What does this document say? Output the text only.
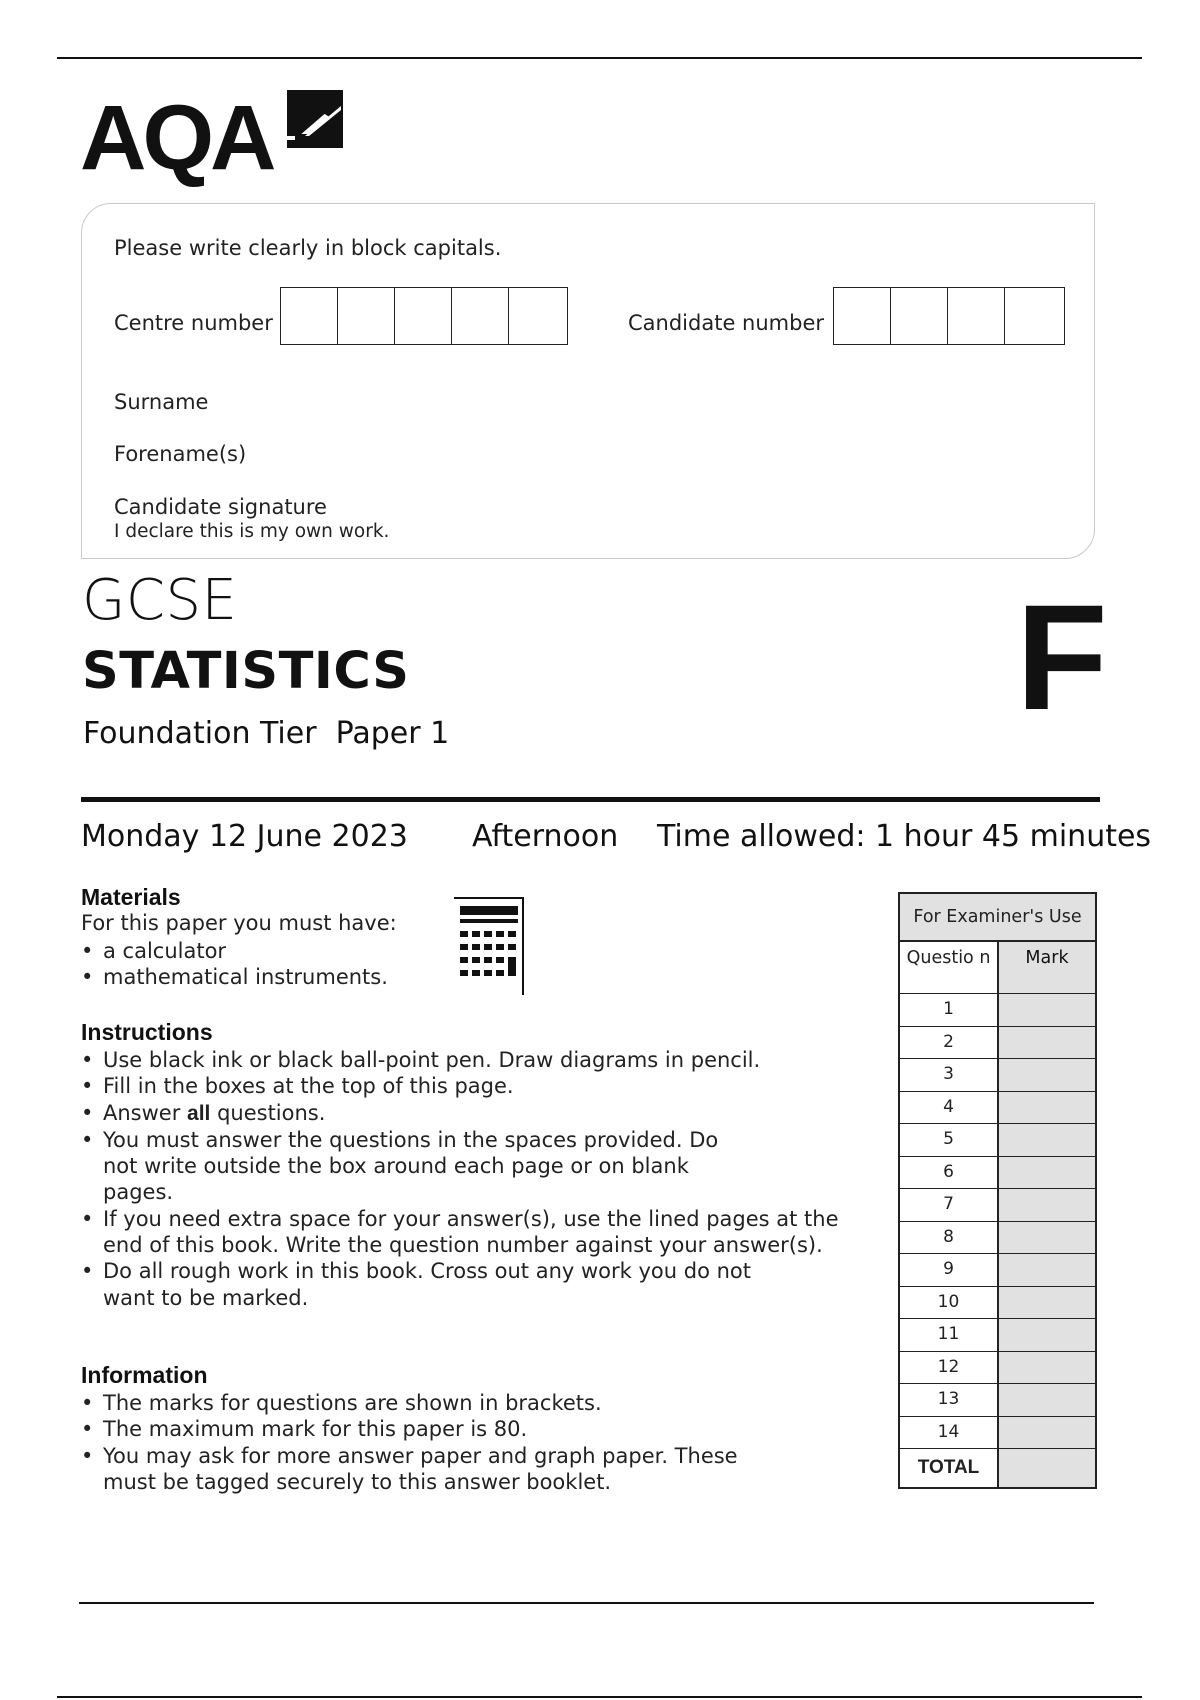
AQA
Please write clearly in block capitals.
Centre number	Candidate number
Surname
Forename(s)
Candidate signature
I declare this is my own work.
GCSE
STATISTICS
Foundation Tier  Paper 1	F
Monday 12 June 2023 Afternoon Time allowed: 1 hour 45 minutes
Materials
For this paper you must have:
• a calculator
• mathematical instruments.
Instructions
• Use black ink or black ball-point pen. Draw diagrams in pencil.
• Fill in the boxes at the top of this page.
• Answer all questions.
• You must answer the questions in the spaces provided. Do not write outside the box around each page or on blank pages.
• If you need extra space for your answer(s), use the lined pages at the end of this book. Write the question number against your answer(s).
• Do all rough work in this book. Cross out any work you do not want to be marked.
Information
• The marks for questions are shown in brackets.
• The maximum mark for this paper is 80.
• You may ask for more answer paper and graph paper. These must be tagged securely to this answer booklet.
For Examiner's Use
Questio n	Mark
1
2
3
4
5
6
7
8
9
10
11
12
13
14
TOTAL
